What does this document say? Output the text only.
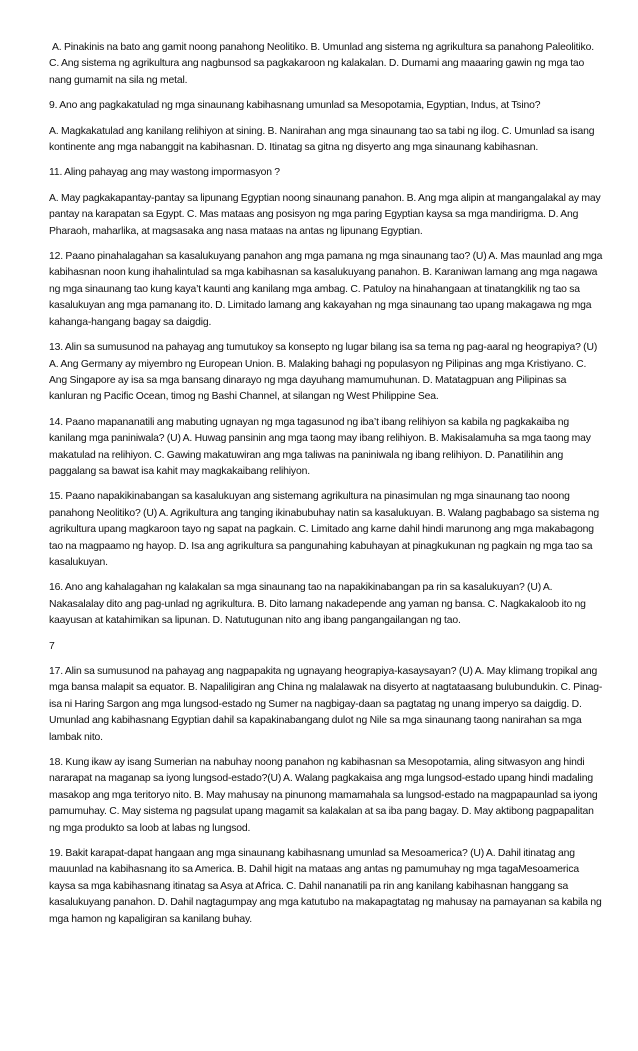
A. Pinakinis na bato ang gamit noong panahong Neolitiko. B. Umunlad ang sistema ng agrikultura sa panahong Paleolitiko. C. Ang sistema ng agrikultura ang nagbunsod sa pagkakaroon ng kalakalan. D. Dumami ang maaaring gawin ng mga tao nang gumamit na sila ng metal.

9. Ano ang pagkakatulad ng mga sinaunang kabihasnang umunlad sa Mesopotamia, Egyptian, Indus, at Tsino?

A. Magkakatulad ang kanilang relihiyon at sining. B. Nanirahan ang mga sinaunang tao sa tabi ng ilog. C. Umunlad sa isang kontinente ang mga nabanggit na kabihasnan. D. Itinatag sa gitna ng disyerto ang mga sinaunang kabihasnan.

11. Aling pahayag ang may wastong impormasyon ?

A. May pagkakapantay-pantay sa lipunang Egyptian noong sinaunang panahon. B. Ang mga alipin at mangangalakal ay may pantay na karapatan sa Egypt. C. Mas mataas ang posisyon ng mga paring Egyptian kaysa sa mga mandirigma. D. Ang Pharaoh, maharlika, at magsasaka ang nasa mataas na antas ng lipunang Egyptian.

12. Paano pinahalagahan sa kasalukuyang panahon ang mga pamana ng mga sinaunang tao? (U) A. Mas maunlad ang mga kabihasnan noon kung ihahalintulad sa mga kabihasnan sa kasalukuyang panahon. B. Karaniwan lamang ang mga nagawa ng mga sinaunang tao kung kaya’t kaunti ang kanilang mga ambag. C. Patuloy na hinahangaan at tinatangkilik ng tao sa kasalukuyan ang mga pamanang ito. D. Limitado lamang ang kakayahan ng mga sinaunang tao upang makagawa ng mga kahanga-hangang bagay sa daigdig.

13. Alin sa sumusunod na pahayag ang tumutukoy sa konsepto ng lugar bilang isa sa tema ng pag-aaral ng heograpiya? (U) A. Ang Germany ay miyembro ng European Union. B. Malaking bahagi ng populasyon ng Pilipinas ang mga Kristiyano. C. Ang Singapore ay isa sa mga bansang dinarayo ng mga dayuhang mamumuhunan. D. Matatagpuan ang Pilipinas sa kanluran ng Pacific Ocean, timog ng Bashi Channel, at silangan ng West Philippine Sea.

14. Paano mapananatili ang mabuting ugnayan ng mga tagasunod ng iba’t ibang relihiyon sa kabila ng pagkakaiba ng kanilang mga paniniwala? (U) A. Huwag pansinin ang mga taong may ibang relihiyon. B. Makisalamuha sa mga taong may makatulad na relihiyon. C. Gawing makatuwiran ang mga taliwas na paniniwala ng ibang relihiyon. D. Panatilihin ang paggalang sa bawat isa kahit may magkakaibang relihiyon.

15. Paano napakikinabangan sa kasalukuyan ang sistemang agrikultura na pinasimulan ng mga sinaunang tao noong panahong Neolitiko? (U) A. Agrikultura ang tanging ikinabubuhay natin sa kasalukuyan. B. Walang pagbabago sa sistema ng agrikultura upang magkaroon tayo ng sapat na pagkain. C. Limitado ang karne dahil hindi marunong ang mga makabagong tao na magpaamo ng hayop. D. Isa ang agrikultura sa pangunahing kabuhayan at pinagkukunan ng pagkain ng mga tao sa kasalukuyan.

16. Ano ang kahalagahan ng kalakalan sa mga sinaunang tao na napakikinabangan pa rin sa kasalukuyan? (U) A. Nakasalalay dito ang pag-unlad ng agrikultura. B. Dito lamang nakadepende ang yaman ng bansa. C. Nagkakaloob ito ng kaayusan at katahimikan sa lipunan. D. Natutugunan nito ang ibang pangangailangan ng tao.

7

17. Alin sa sumusunod na pahayag ang nagpapakita ng ugnayang heograpiya-kasaysayan? (U) A. May klimang tropikal ang mga bansa malapit sa equator. B. Napaliligiran ang China ng malalawak na disyerto at nagtataasang bulubundukin. C. Pinag-isa ni Haring Sargon ang mga lungsod-estado ng Sumer na nagbigay-daan sa pagtatag ng unang imperyo sa daigdig. D. Umunlad ang kabihasnang Egyptian dahil sa kapakinabangang dulot ng Nile sa mga sinaunang taong nanirahan sa mga lambak nito.

18. Kung ikaw ay isang Sumerian na nabuhay noong panahon ng kabihasnan sa Mesopotamia, aling sitwasyon ang hindi nararapat na maganap sa iyong lungsod-estado?(U) A. Walang pagkakaisa ang mga lungsod-estado upang hindi madaling masakop ang mga teritoryo nito. B. May mahusay na pinunong mamamahala sa lungsod-estado na magpapaunlad sa iyong pamumuhay. C. May sistema ng pagsulat upang magamit sa kalakalan at sa iba pang bagay. D. May aktibong pagpapalitan ng mga produkto sa loob at labas ng lungsod.

19. Bakit karapat-dapat hangaan ang mga sinaunang kabihasnang umunlad sa Mesoamerica? (U) A. Dahil itinatag ang mauunlad na kabihasnang ito sa America. B. Dahil higit na mataas ang antas ng pamumuhay ng mga tagaMesoamerica kaysa sa mga kabihasnang itinatag sa Asya at Africa. C. Dahil nananatili pa rin ang kanilang kabihasnan hanggang sa kasalukuyang panahon. D. Dahil nagtagumpay ang mga katutubo na makapagtatag ng mahusay na pamayanan sa kabila ng mga hamon ng kapaligiran sa kanilang buhay.
